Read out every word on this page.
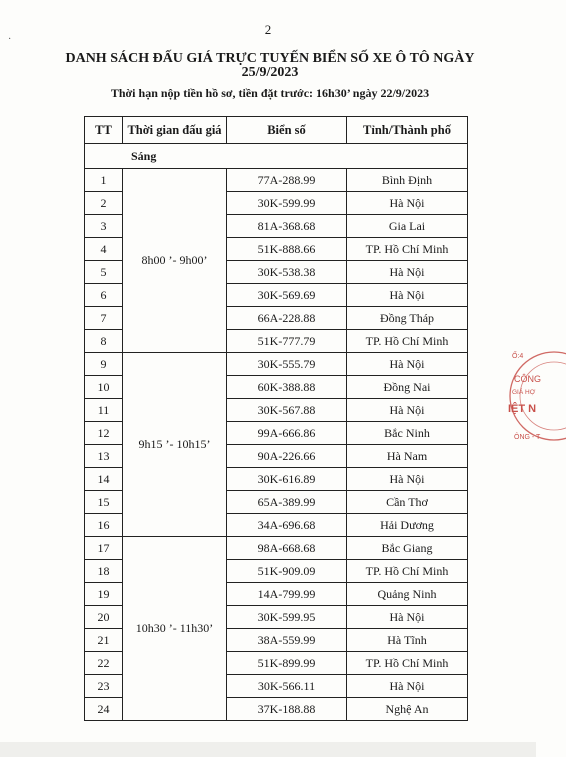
2
·
DANH SÁCH ĐẤU GIÁ TRỰC TUYẾN BIỂN SỐ XE Ô TÔ NGÀY 25/9/2023
Thời hạn nộp tiền hồ sơ, tiền đặt trước: 16h30’ ngày 22/9/2023
TT	Thời gian đấu giá	Biển số	Tỉnh/Thành phố
Sáng			
1	8h00 ’- 9h00’	77A-288.99	Bình Định
2		30K-599.99	Hà Nội
3		81A-368.68	Gia Lai
4		51K-888.66	TP. Hồ Chí Minh
5		30K-538.38	Hà Nội
6		30K-569.69	Hà Nội
7		66A-228.88	Đồng Tháp
8		51K-777.79	TP. Hồ Chí Minh
9	9h15 ’- 10h15’	30K-555.79	Hà Nội
10		60K-388.88	Đồng Nai
11		30K-567.88	Hà Nội
12		99A-666.86	Bắc Ninh
13		90A-226.66	Hà Nam
14		30K-616.89	Hà Nội
15		65A-389.99	Cần Thơ
16		34A-696.68	Hải Dương
17	10h30 ’- 11h30’	98A-668.68	Bắc Giang
18		51K-909.09	TP. Hồ Chí Minh
19		14A-799.99	Quảng Ninh
20		30K-599.95	Hà Nội
21		38A-559.99	Hà Tĩnh
22		51K-899.99	TP. Hồ Chí Minh
23		30K-566.11	Hà Nội
24		37K-188.88	Nghệ An
Ố:4
CÔNG
GIÁ HỢ
IỆT N
ÔNG - T
